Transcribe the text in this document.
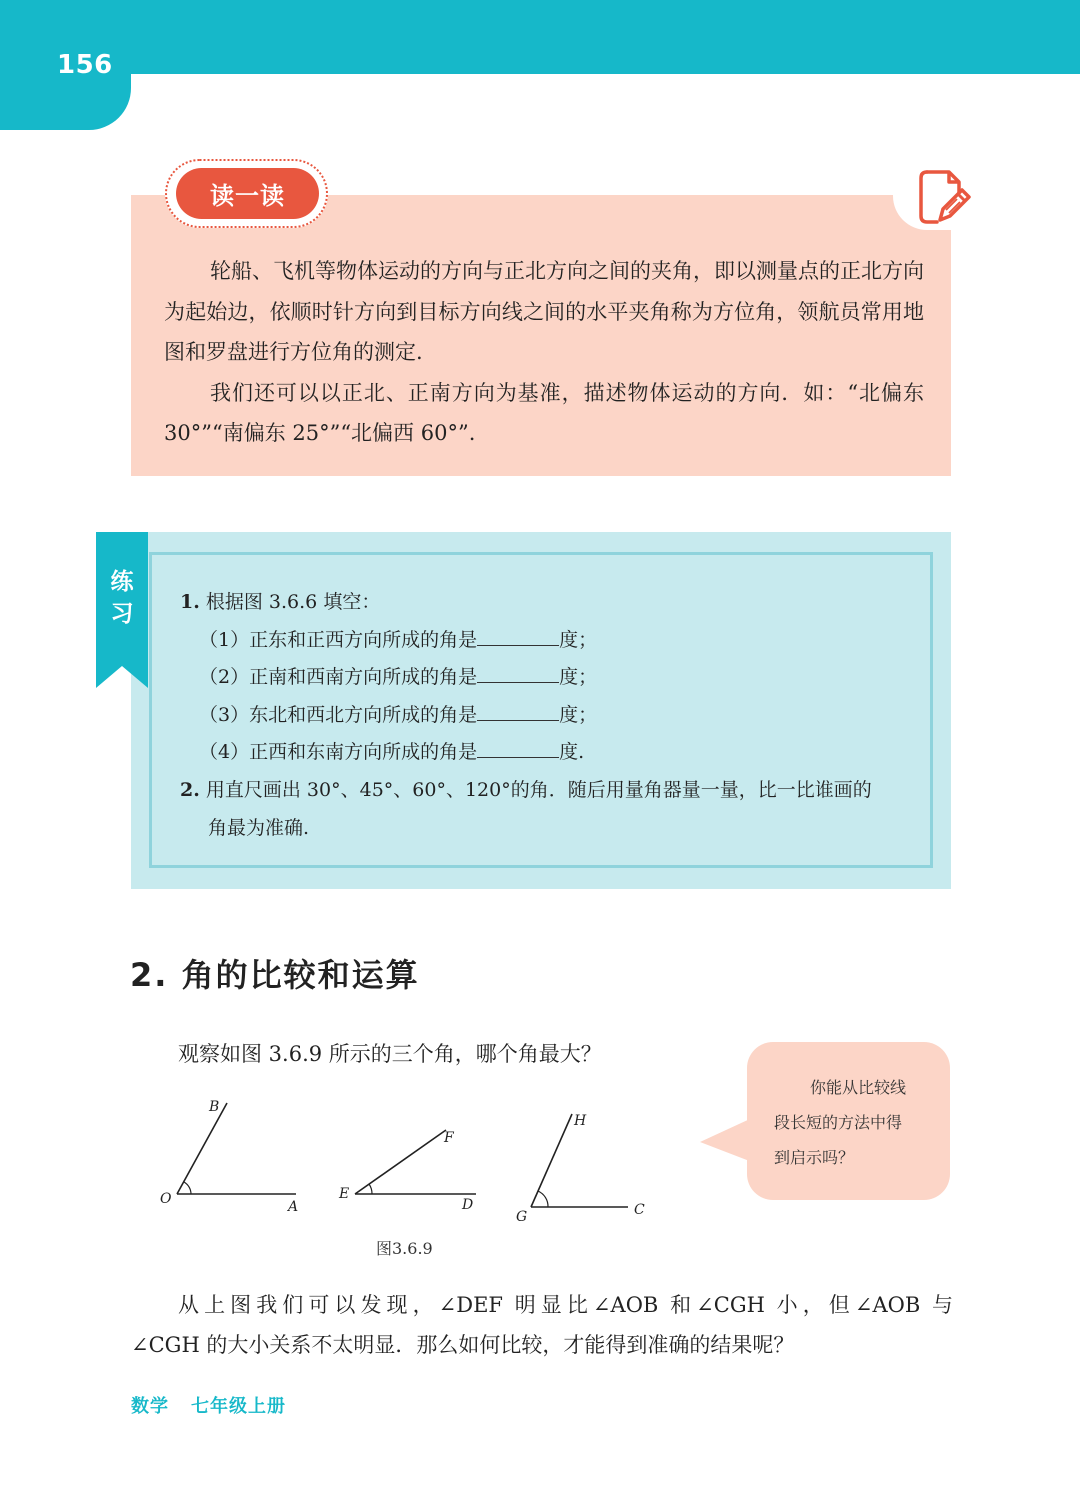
156
读一读

轮船、飞机等物体运动的方向与正北方向之间的夹角，即以测量点的正北方向为起始边，依顺时针方向到目标方向线之间的水平夹角称为方位角，领航员常用地图和罗盘进行方位角的测定.

我们还可以以正北、正南方向为基准，描述物体运动的方向．如：“北偏东 30°”“南偏东 25°”“北偏西 60°”.

练
习	1. 根据图 3.6.6 填空：
（1）正东和正西方向所成的角是	度；
（2）正南和西南方向所成的角是	度；
（3）东北和西北方向所成的角是	度；
（4）正西和东南方向所成的角是	度.
2. 用直尺画出 30°、45°、60°、120°的角．随后用量角器量一量，比一比谁画的
角最为准确.
2. 角的比较和运算
观察如图 3.6.9 所示的三个角，哪个角最大？
你能从比较线
段长短的方法中得
到启示吗？
B
O	A
F
E
D
H
G	C
图3.6.9

从上图我们可以发现，∠DEF 明显比∠AOB 和∠CGH 小，但∠AOB 与

∠CGH 的大小关系不太明显．那么如何比较，才能得到准确的结果呢？

数学 七年级上册
